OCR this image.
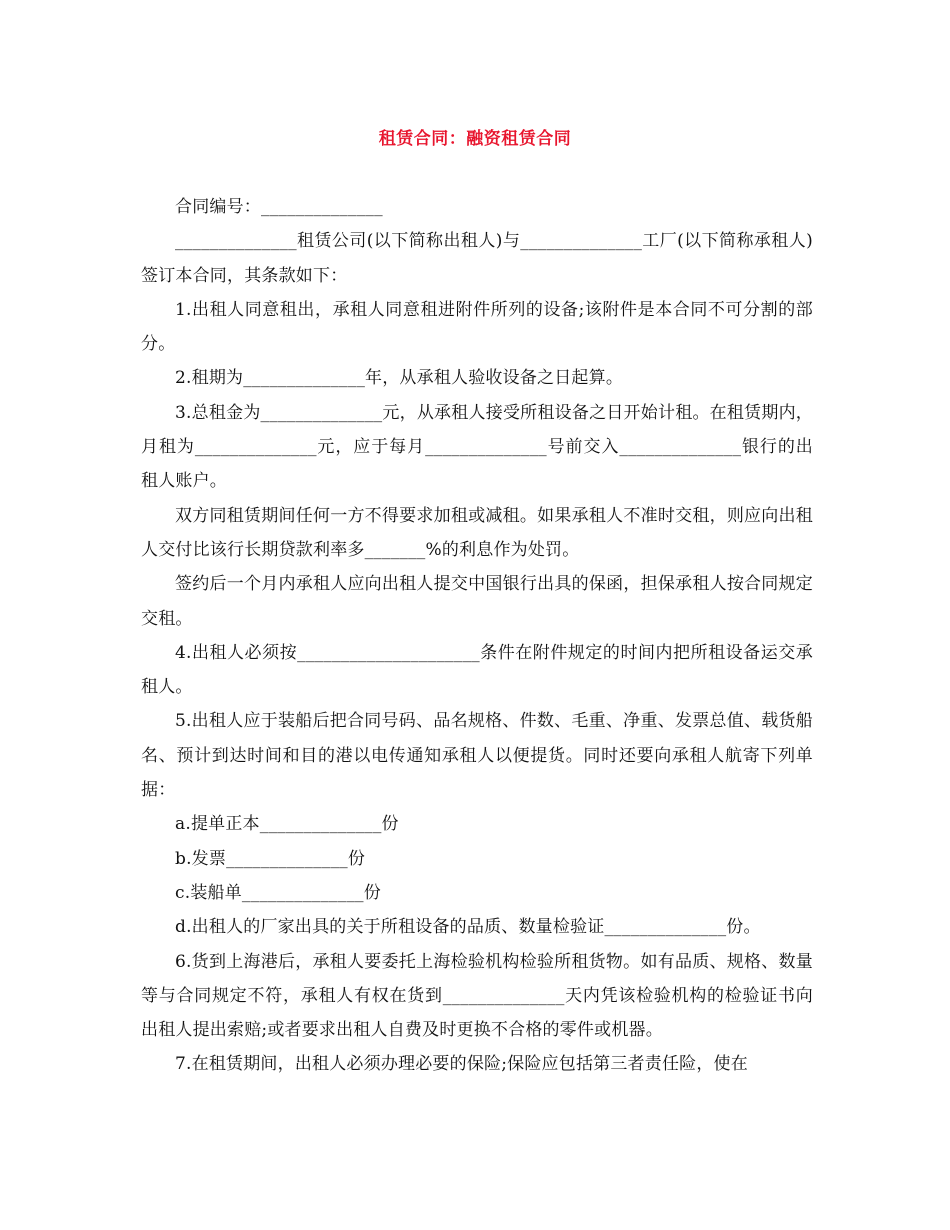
租赁合同：融资租赁合同

合同编号：______________

______________租赁公司(以下简称出租人)与______________工厂(以下简称承租人)签订本合同，其条款如下：

1.出租人同意租出，承租人同意租进附件所列的设备;该附件是本合同不可分割的部分。

2.租期为______________年，从承租人验收设备之日起算。

3.总租金为______________元，从承租人接受所租设备之日开始计租。在租赁期内，月租为______________元，应于每月______________号前交入______________银行的出租人账户。

双方同租赁期间任何一方不得要求加租或减租。如果承租人不准时交租，则应向出租人交付比该行长期贷款利率多_______%的利息作为处罚。

签约后一个月内承租人应向出租人提交中国银行出具的保函，担保承租人按合同规定交租。

4.出租人必须按_____________________条件在附件规定的时间内把所租设备运交承租人。

5.出租人应于装船后把合同号码、品名规格、件数、毛重、净重、发票总值、载货船名、预计到达时间和目的港以电传通知承租人以便提货。同时还要向承租人航寄下列单据：

a.提单正本______________份

b.发票______________份

c.装船单______________份

d.出租人的厂家出具的关于所租设备的品质、数量检验证______________份。

6.货到上海港后，承租人要委托上海检验机构检验所租货物。如有品质、规格、数量等与合同规定不符，承租人有权在货到______________天内凭该检验机构的检验证书向出租人提出索赔;或者要求出租人自费及时更换不合格的零件或机器。

7.在租赁期间，出租人必须办理必要的保险;保险应包括第三者责任险，使在
